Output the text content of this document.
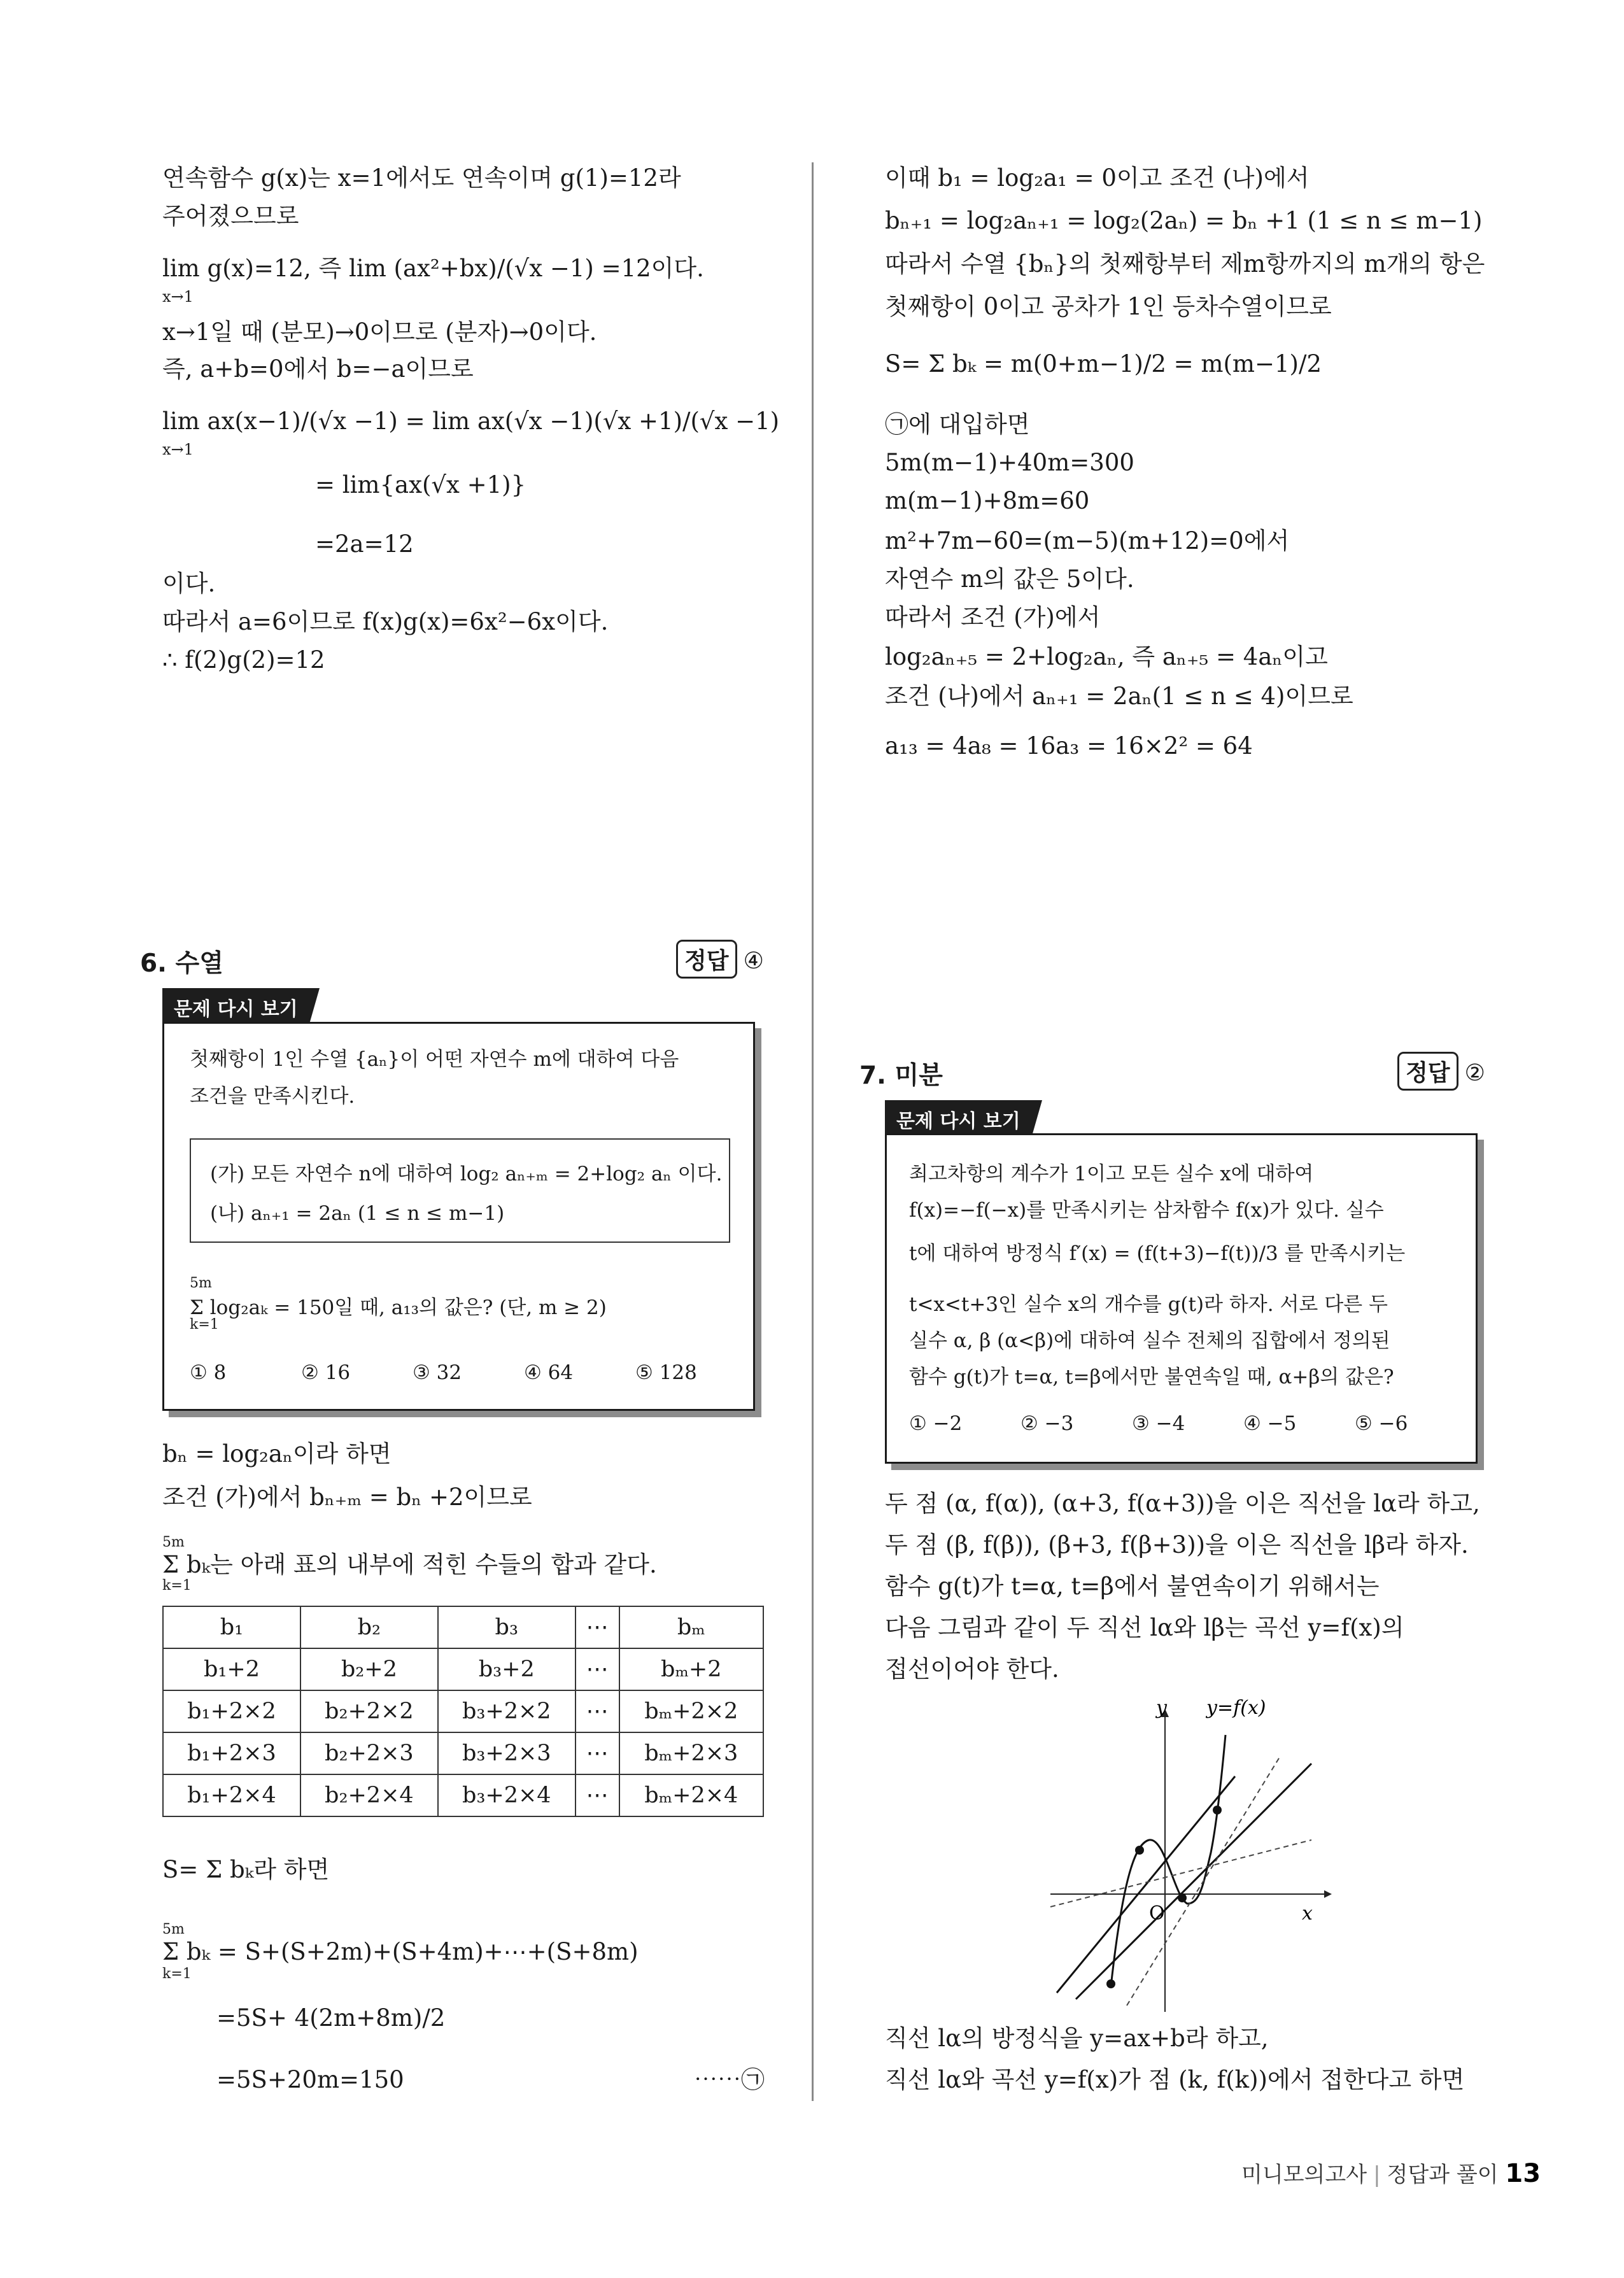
연속함수 g(x)는 x=1에서도 연속이며 g(1)=12라
주어졌으므로
lim g(x)=12, 즉 lim (ax²+bx)/(√x −1) =12이다.
x→1
x→1일 때 (분모)→0이므로 (분자)→0이다.
즉, a+b=0에서 b=−a이므로
lim ax(x−1)/(√x −1) = lim ax(√x −1)(√x +1)/(√x −1)
x→1
= lim{ax(√x +1)}
=2a=12
이다.
따라서 a=6이므로 f(x)g(x)=6x²−6x이다.
∴ f(2)g(2)=12
6. 수열	정답 ④
문제 다시 보기
첫째항이 1인 수열 {aₙ}이 어떤 자연수 m에 대하여 다음
조건을 만족시킨다.
(가) 모든 자연수 n에 대하여 log₂ aₙ₊ₘ = 2+log₂ aₙ 이다.
(나) aₙ₊₁ = 2aₙ (1 ≤ n ≤ m−1)
5m
k=1
Σ log₂aₖ = 150일 때, a₁₃의 값은? (단, m ≥ 2)
① 8	② 16	③ 32	④ 64	⑤ 128
bₙ = log₂aₙ이라 하면
조건 (가)에서 bₙ₊ₘ = bₙ +2이므로
5m
k=1
Σ bₖ는 아래 표의 내부에 적힌 수들의 합과 같다.
b₁	b₂	b₃	⋯	bₘ
b₁+2	b₂+2	b₃+2	⋯	bₘ+2
b₁+2×2	b₂+2×2	b₃+2×2	⋯	bₘ+2×2
b₁+2×3	b₂+2×3	b₃+2×3	⋯	bₘ+2×3
b₁+2×4	b₂+2×4	b₃+2×4	⋯	bₘ+2×4
S= Σ bₖ라 하면
5m
k=1
Σ bₖ = S+(S+2m)+(S+4m)+⋯+(S+8m)
=5S+ 4(2m+8m)/2
=5S+20m=150	⋯⋯㉠
이때 b₁ = log₂a₁ = 0이고 조건 (나)에서
bₙ₊₁ = log₂aₙ₊₁ = log₂(2aₙ) = bₙ +1 (1 ≤ n ≤ m−1)
따라서 수열 {bₙ}의 첫째항부터 제m항까지의 m개의 항은
첫째항이 0이고 공차가 1인 등차수열이므로
S= Σ bₖ = m(0+m−1)/2 = m(m−1)/2
㉠에 대입하면
5m(m−1)+40m=300
m(m−1)+8m=60
m²+7m−60=(m−5)(m+12)=0에서
자연수 m의 값은 5이다.
따라서 조건 (가)에서
log₂aₙ₊₅ = 2+log₂aₙ, 즉 aₙ₊₅ = 4aₙ이고
조건 (나)에서 aₙ₊₁ = 2aₙ(1 ≤ n ≤ 4)이므로
a₁₃ = 4a₈ = 16a₃ = 16×2² = 64
7. 미분	정답 ②
문제 다시 보기
최고차항의 계수가 1이고 모든 실수 x에 대하여
f(x)=−f(−x)를 만족시키는 삼차함수 f(x)가 있다. 실수
t에 대하여 방정식 f′(x) = (f(t+3)−f(t))/3 를 만족시키는
t<x<t+3인 실수 x의 개수를 g(t)라 하자. 서로 다른 두
실수 α, β (α<β)에 대하여 실수 전체의 집합에서 정의된
함수 g(t)가 t=α, t=β에서만 불연속일 때, α+β의 값은?
① −2	② −3	③ −4	④ −5	⑤ −6
두 점 (α, f(α)), (α+3, f(α+3))을 이은 직선을 lα라 하고,
두 점 (β, f(β)), (β+3, f(β+3))을 이은 직선을 lβ라 하자.
함수 g(t)가 t=α, t=β에서 불연속이기 위해서는
다음 그림과 같이 두 직선 lα와 lβ는 곡선 y=f(x)의
접선이어야 한다.
y y=f(x)
x
O
직선 lα의 방정식을 y=ax+b라 하고,
직선 lα와 곡선 y=f(x)가 점 (k, f(k))에서 접한다고 하면
미니모의고사 | 정답과 풀이 13
